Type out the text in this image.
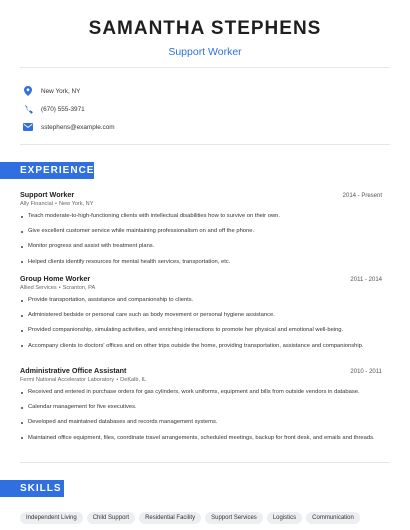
SAMANTHA STEPHENS
Support Worker
New York, NY
(670) 555-3971
sstephens@example.com
EXPERIENCE
Support Worker	2014 - Present
Ally Financial • New York, NY
Teach moderate-to-high-functioning clients with intellectual disabilities how to survive on their own.
Give excellent customer service while maintaining professionalism on and off the phone.
Monitor progress and assist with treatment plans.
Helped clients identify resources for mental health services, transportation, etc.
Group Home Worker	2011 - 2014
Allied Services • Scranton, PA
Provide transportation, assistance and companionship to clients.
Administered bedside or personal care such as body movement or personal hygiene assistance.
Provided companionship, simulating activities, and enriching interactions to promote her physical and emotional well-being.
Accompany clients to doctors' offices and on other trips outside the home, providing transportation, assistance and companionship.
Administrative Office Assistant	2010 - 2011
Fermi National Accelerator Laboratory • DeKalb, IL
Received and entered in purchase orders for gas cylinders, work uniforms, equipment and bills from outside vendors in database.
Calendar management for five executives.
Developed and maintained databases and records management systems.
Maintained office equipment, files, coordinate travel arrangements, scheduled meetings, backup for front desk, and emails and threads.
SKILLS
Independent Living	Child Support	Residential Facility	Support Services	Logistics	Communication
